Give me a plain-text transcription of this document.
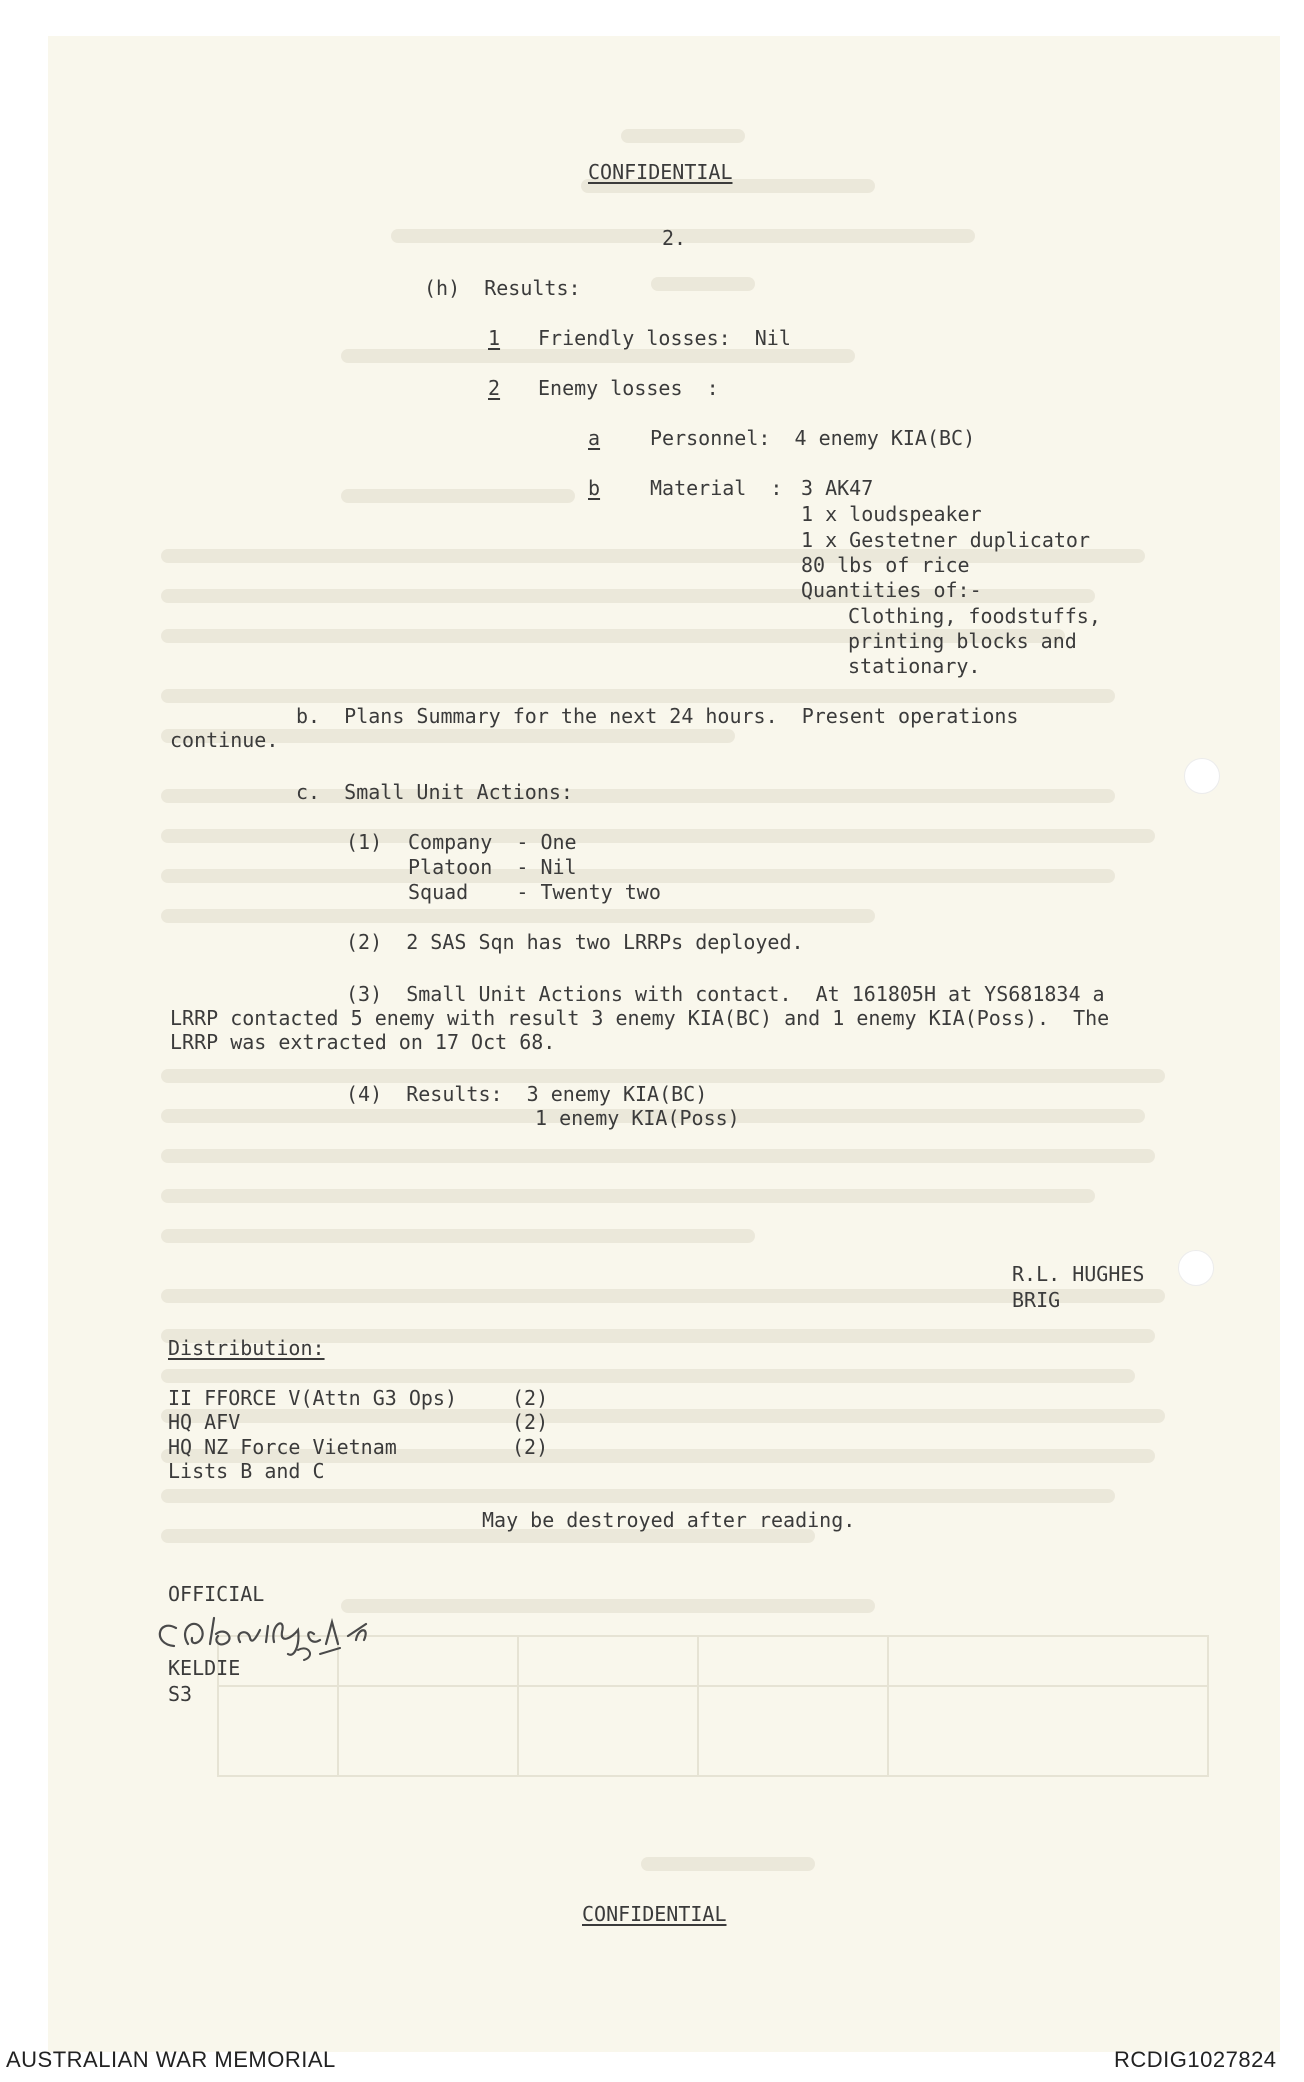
CONFIDENTIAL
2.
(h)  Results:
1 Friendly losses:  Nil
2 Enemy losses  :
a Personnel:  4 enemy KIA(BC)
b Material  : 3 AK47
1 x loudspeaker
1 x Gestetner duplicator
80 lbs of rice
Quantities of:-
Clothing, foodstuffs,
printing blocks and
stationary.
b.  Plans Summary for the next 24 hours.  Present operations
continue.
c.  Small Unit Actions:
(1) Company  - One
Platoon  - Nil
Squad    - Twenty two
(2)  2 SAS Sqn has two LRRPs deployed.
(3)  Small Unit Actions with contact.  At 161805H at YS681834 a
LRRP contacted 5 enemy with result 3 enemy KIA(BC) and 1 enemy KIA(Poss).  The
LRRP was extracted on 17 Oct 68.
(4)  Results:  3 enemy KIA(BC)
1 enemy KIA(Poss)
R.L. HUGHES
BRIG
Distribution:
II FFORCE V(Attn G3 Ops)	(2)
HQ AFV	(2)
HQ NZ Force Vietnam	(2)
Lists B and C
May be destroyed after reading.
OFFICIAL
KELDIE
S3
CONFIDENTIAL
AUSTRALIAN WAR MEMORIAL	RCDIG1027824
